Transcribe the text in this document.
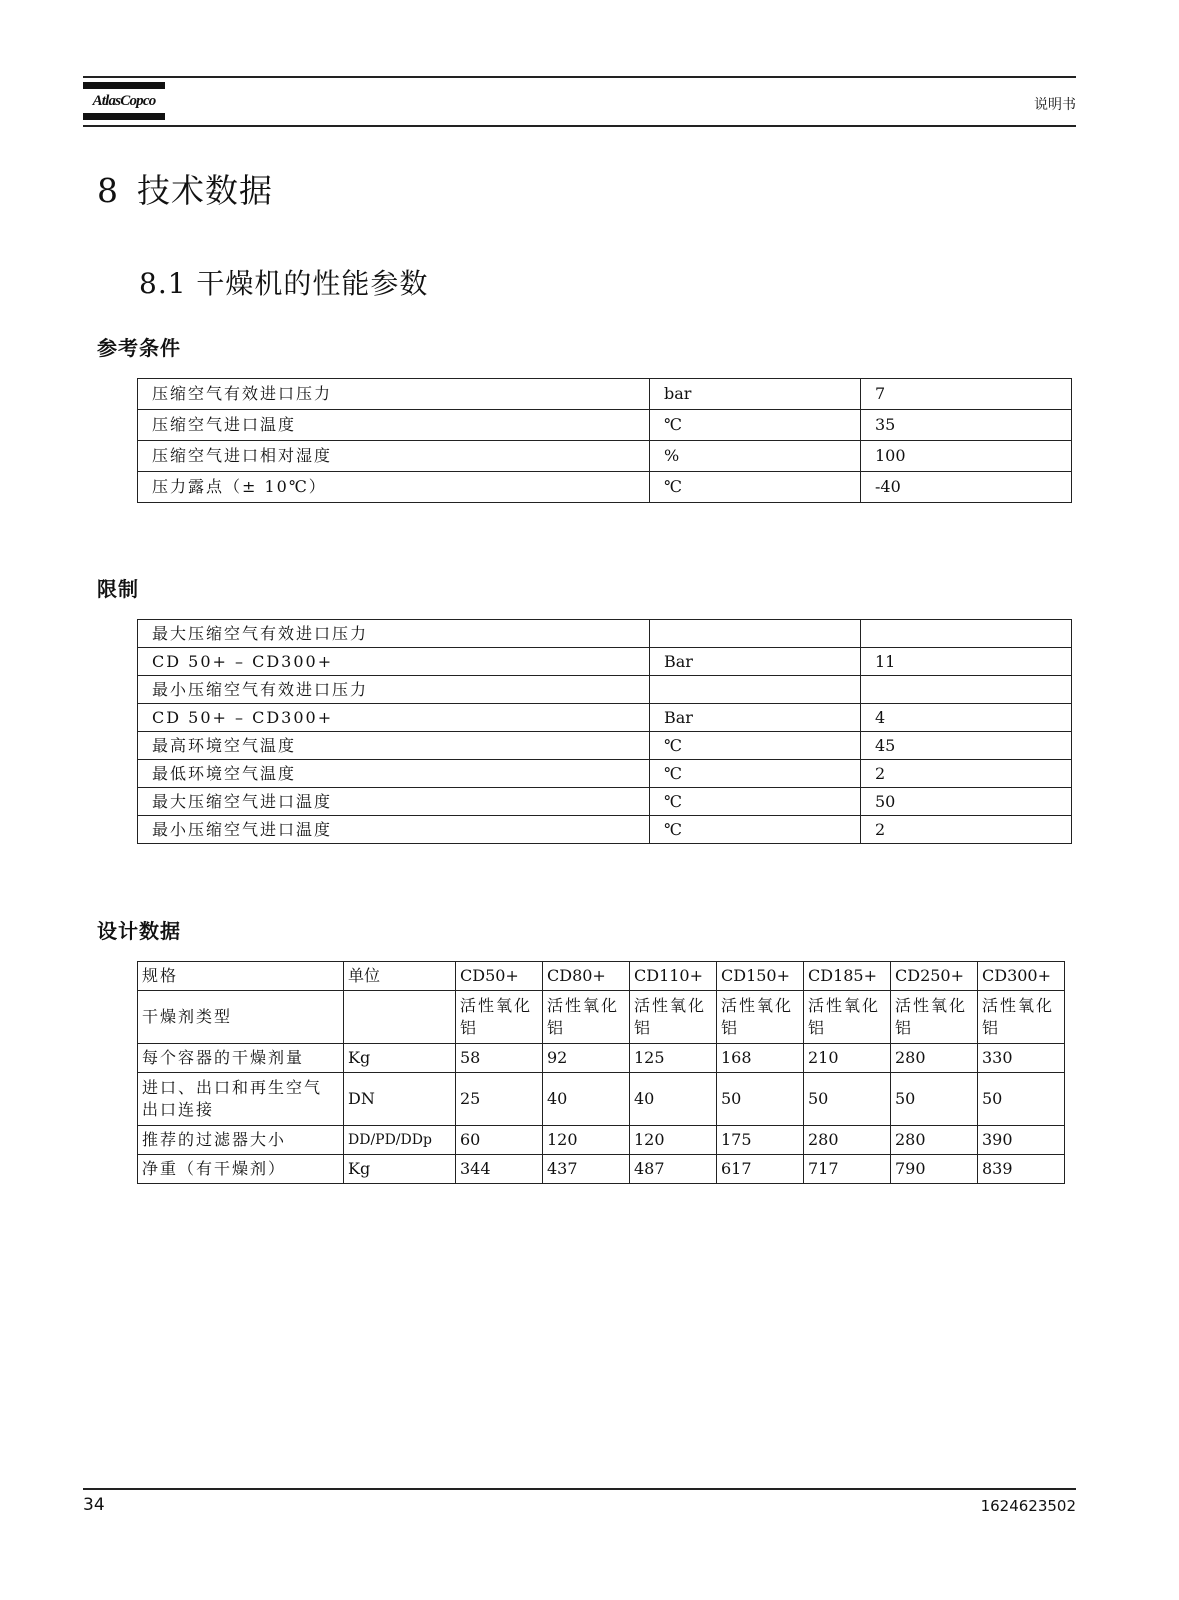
AtlasCopco	说明书
8 技术数据
8.1 干燥机的性能参数
参考条件
压缩空气有效进口压力	bar	7
压缩空气进口温度	℃	35
压缩空气进口相对湿度	%	100
压力露点（± 10℃）	℃	-40
限制
最大压缩空气有效进口压力		
CD 50+ – CD300+	Bar	11
最小压缩空气有效进口压力		
CD 50+ – CD300+	Bar	4
最高环境空气温度	℃	45
最低环境空气温度	℃	2
最大压缩空气进口温度	℃	50
最小压缩空气进口温度	℃	2
设计数据
规格	单位	CD50+	CD80+	CD110+	CD150+	CD185+	CD250+	CD300+
干燥剂类型		活性氧化铝	活性氧化铝	活性氧化铝	活性氧化铝	活性氧化铝	活性氧化铝	活性氧化铝
每个容器的干燥剂量	Kg	58	92	125	168	210	280	330
进口、出口和再生空气出口连接	DN	25	40	40	50	50	50	50
推荐的过滤器大小	DD/PD/DDp	60	120	120	175	280	280	390
净重（有干燥剂）	Kg	344	437	487	617	717	790	839
34	1624623502
